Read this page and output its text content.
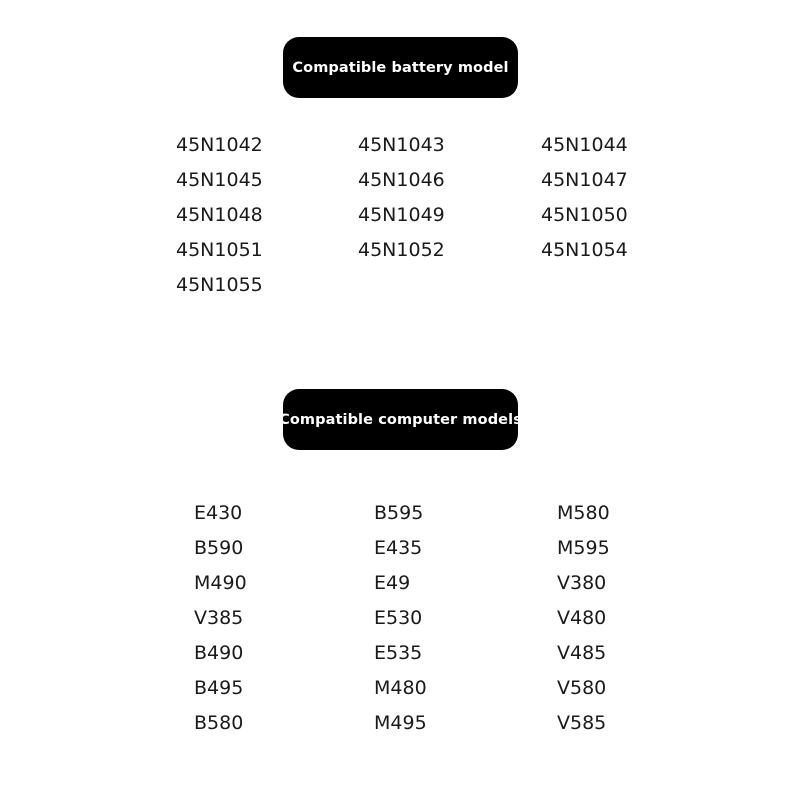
Compatible battery model
45N1042	45N1043	45N1044
45N1045	45N1046	45N1047
45N1048	45N1049	45N1050
45N1051	45N1052	45N1054
45N1055
Compatible computer models
E430	B595	M580
B590	E435	M595
M490	E49	V380
V385	E530	V480
B490	E535	V485
B495	M480	V580
B580	M495	V585
